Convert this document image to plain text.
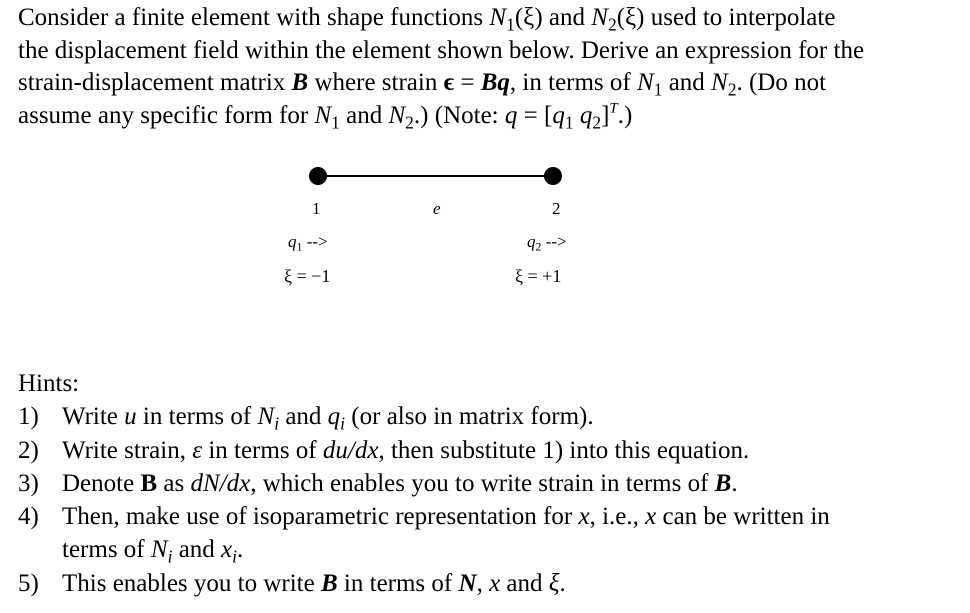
Consider a finite element with shape functions $N_1(\xi)$ and $N_2(\xi)$ used to interpolate

the displacement field within the element shown below. Derive an expression for the

strain-displacement matrix B where strain ϵ = Bq, in terms of $N_1$ and $N_2$. (Do not

assume any specific form for $N_1$ and $N_2$.) (Note: $q = [q_1$ $q_2]^T$.)

1	e	2
$q_1$ -->	$q_2$ -->
ξ = −1	ξ = +1

Hints:

1) Write u in terms of $N_i$ and $q_i$ (or also in matrix form).
2) Write strain, ε in terms of du/dx, then substitute 1) into this equation.
3) Denote B as dN/dx, which enables you to write strain in terms of B.
4) Then, make use of isoparametric representation for x, i.e., x can be written in
terms of $N_i$ and $x_i$.
5) This enables you to write B in terms of N, x and ξ.
